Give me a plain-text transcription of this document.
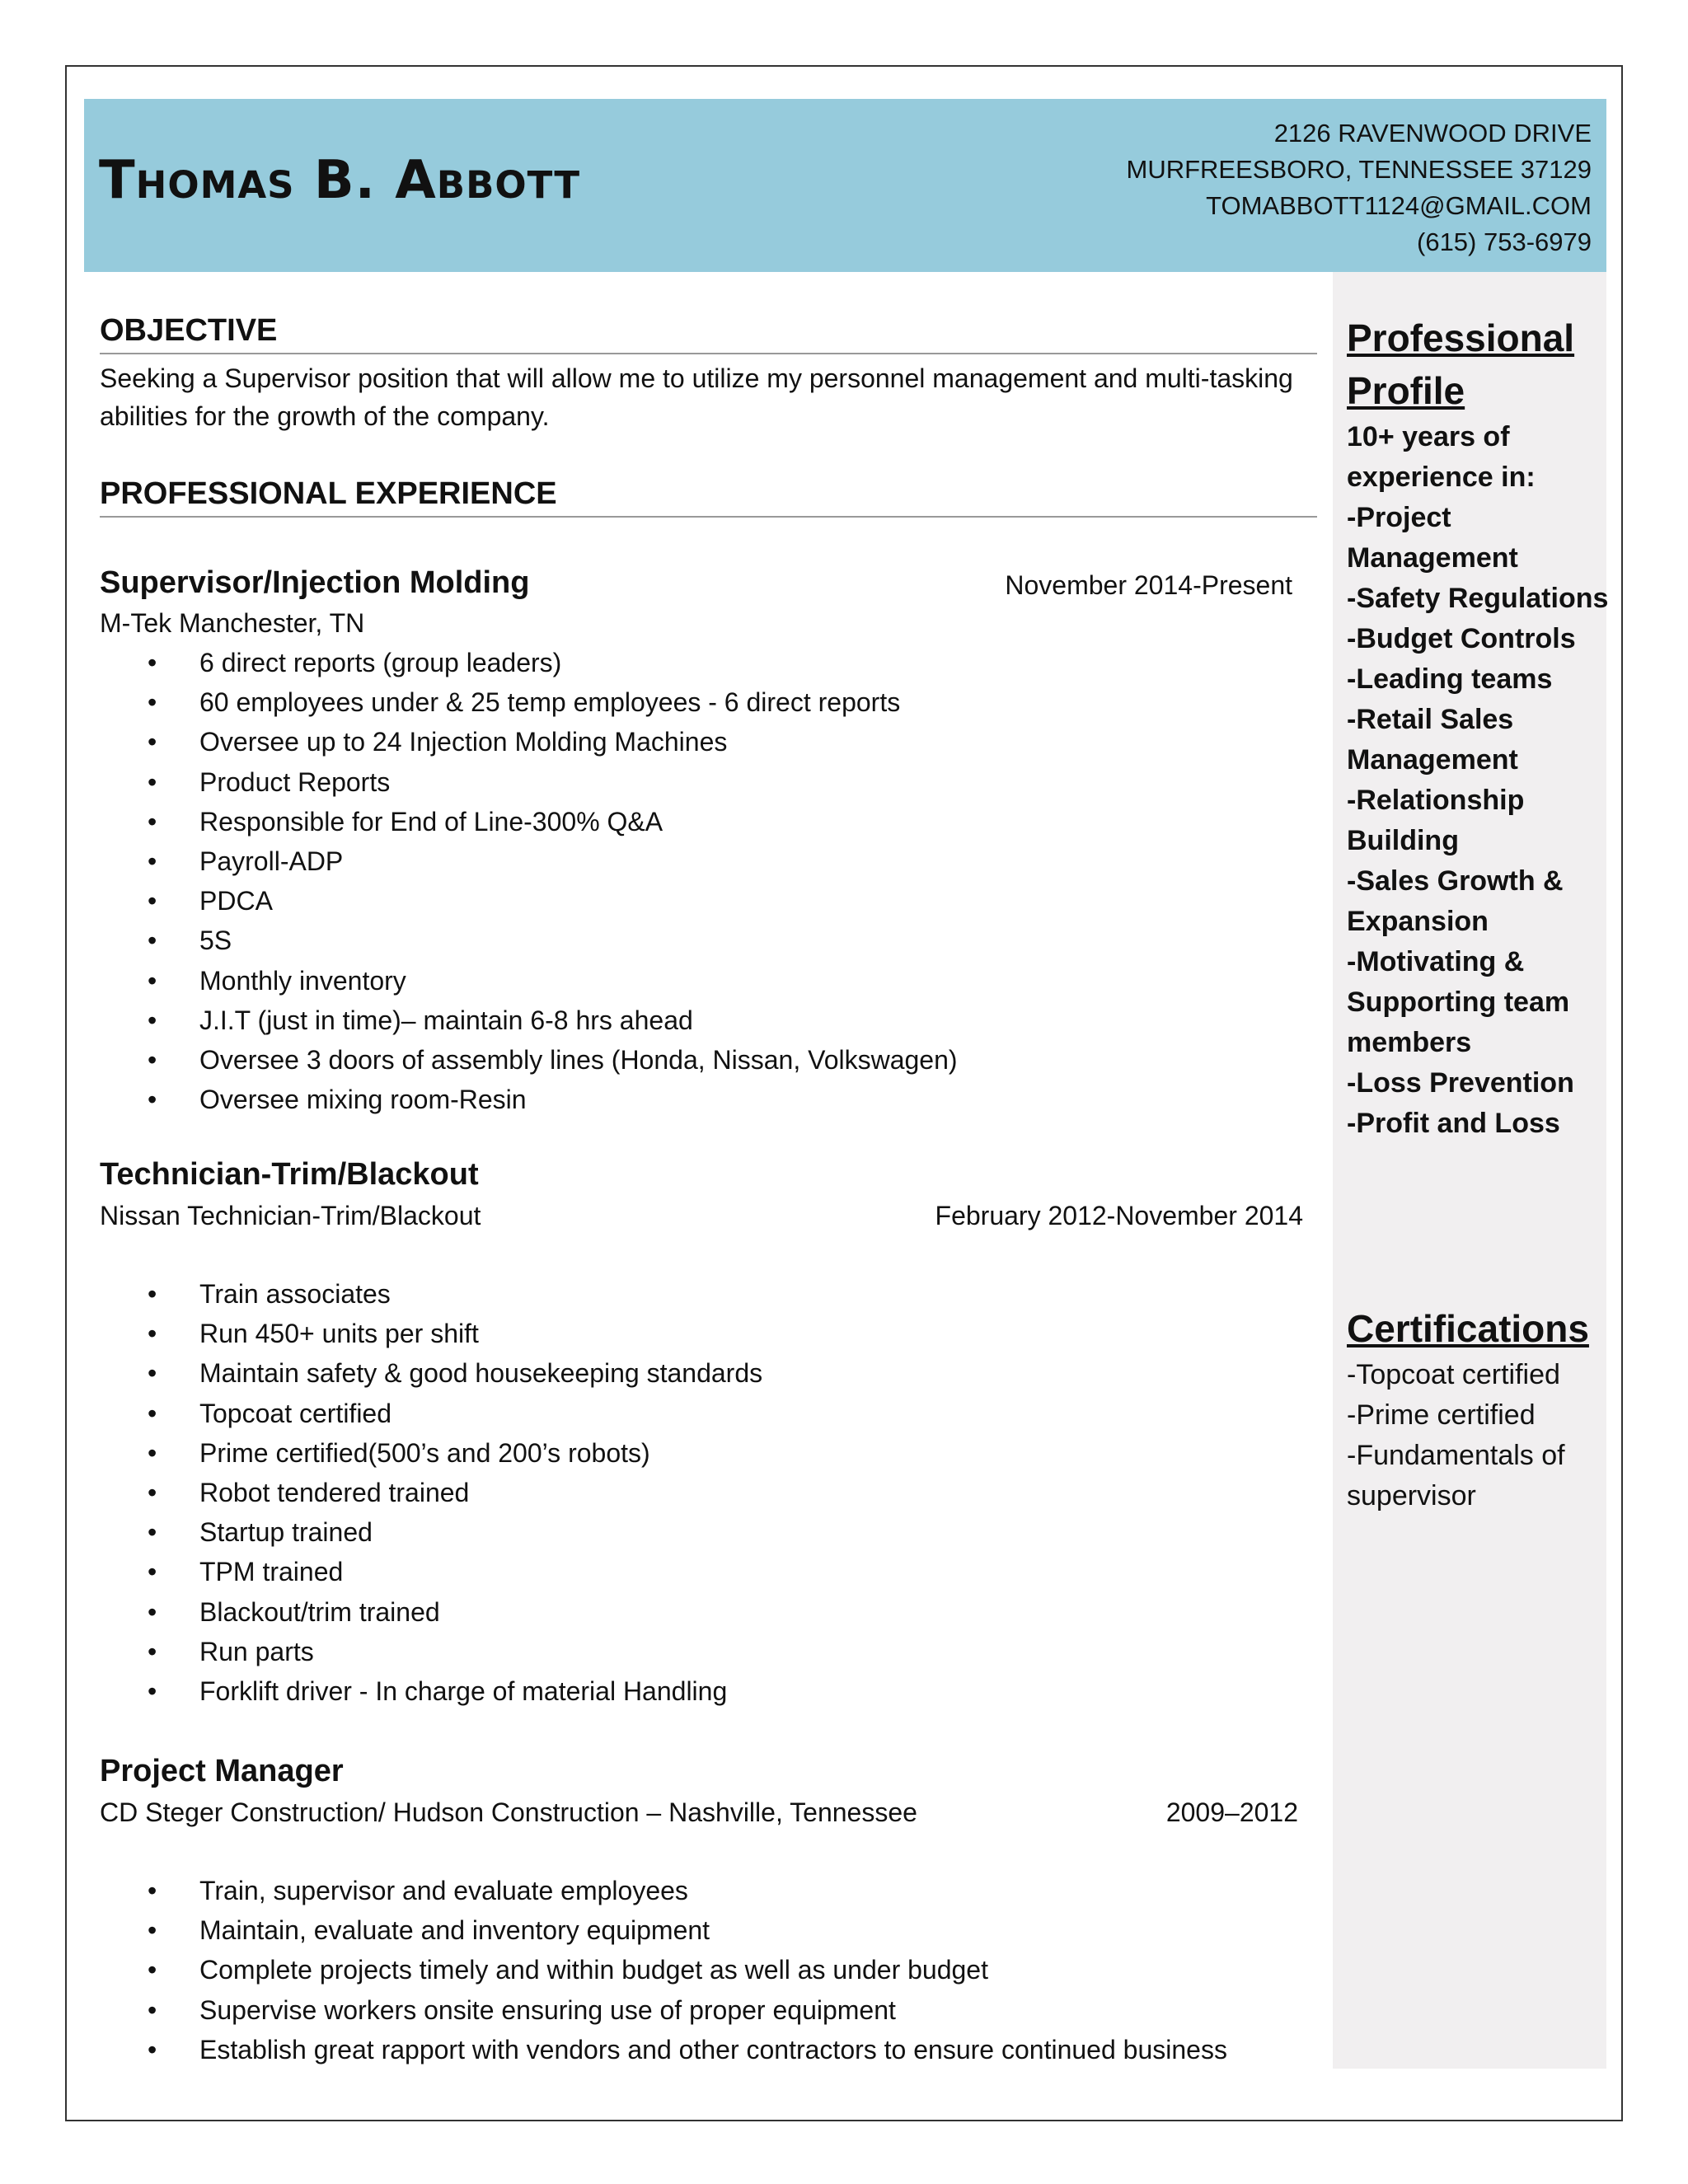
Thomas B. Abbott
2126 RAVENWOOD DRIVE
MURFREESBORO, TENNESSEE 37129
TOMABBOTT1124@GMAIL.COM
(615) 753-6979
OBJECTIVE

Seeking a Supervisor position that will allow me to utilize my personnel management and multi-tasking abilities for the growth of the company.

PROFESSIONAL EXPERIENCE
Supervisor/Injection Molding	November 2014-Present
M-Tek Manchester, TN
• 6 direct reports (group leaders)
• 60 employees under & 25 temp employees - 6 direct reports
• Oversee up to 24 Injection Molding Machines
• Product Reports
• Responsible for End of Line-300% Q&A
• Payroll-ADP
• PDCA
• 5S
• Monthly inventory
• J.I.T (just in time)– maintain 6-8 hrs ahead
• Oversee 3 doors of assembly lines (Honda, Nissan, Volkswagen)
• Oversee mixing room-Resin
Technician-Trim/Blackout
February 2012-November 2014
Nissan Technician-Trim/Blackout
• Train associates
• Run 450+ units per shift
• Maintain safety & good housekeeping standards
• Topcoat certified
• Prime certified(500’s and 200’s robots)
• Robot tendered trained
• Startup trained
• TPM trained
• Blackout/trim trained
• Run parts
• Forklift driver - In charge of material Handling
Project Manager
2009–2012
CD Steger Construction/ Hudson Construction – Nashville, Tennessee
• Train, supervisor and evaluate employees
• Maintain, evaluate and inventory equipment
• Complete projects timely and within budget as well as under budget
• Supervise workers onsite ensuring use of proper equipment
• Establish great rapport with vendors and other contractors to ensure continued business
Professional Profile

10+ years of experience in:

-Project Management

-Safety Regulations

-Budget Controls

-Leading teams

-Retail Sales Management

-Relationship Building

-Sales Growth & Expansion

-Motivating & Supporting team members

-Loss Prevention

-Profit and Loss

Certifications

-Topcoat certified

-Prime certified

-Fundamentals of supervisor
